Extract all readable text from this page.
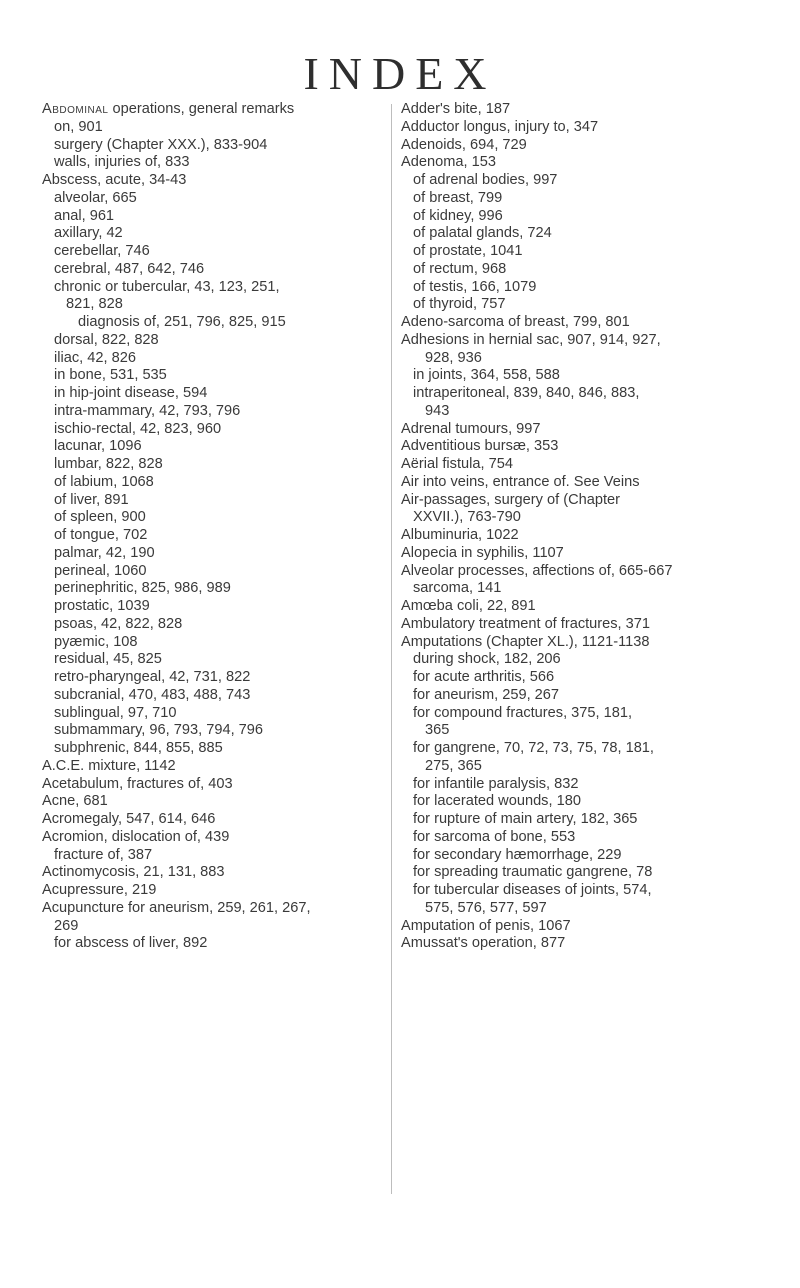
INDEX
Abdominal operations, general remarks
on, 901
surgery (Chapter XXX.), 833-904
walls, injuries of, 833
Abscess, acute, 34-43
alveolar, 665
anal, 961
axillary, 42
cerebellar, 746
cerebral, 487, 642, 746
chronic or tubercular, 43, 123, 251,
821, 828
diagnosis of, 251, 796, 825, 915
dorsal, 822, 828
iliac, 42, 826
in bone, 531, 535
in hip-joint disease, 594
intra-mammary, 42, 793, 796
ischio-rectal, 42, 823, 960
lacunar, 1096
lumbar, 822, 828
of labium, 1068
of liver, 891
of spleen, 900
of tongue, 702
palmar, 42, 190
perineal, 1060
perinephritic, 825, 986, 989
prostatic, 1039
psoas, 42, 822, 828
pyæmic, 108
residual, 45, 825
retro-pharyngeal, 42, 731, 822
subcranial, 470, 483, 488, 743
sublingual, 97, 710
submammary, 96, 793, 794, 796
subphrenic, 844, 855, 885
A.C.E. mixture, 1142
Acetabulum, fractures of, 403
Acne, 681
Acromegaly, 547, 614, 646
Acromion, dislocation of, 439
fracture of, 387
Actinomycosis, 21, 131, 883
Acupressure, 219
Acupuncture for aneurism, 259, 261, 267,
269
for abscess of liver, 892
Adder's bite, 187
Adductor longus, injury to, 347
Adenoids, 694, 729
Adenoma, 153
of adrenal bodies, 997
of breast, 799
of kidney, 996
of palatal glands, 724
of prostate, 1041
of rectum, 968
of testis, 166, 1079
of thyroid, 757
Adeno-sarcoma of breast, 799, 801
Adhesions in hernial sac, 907, 914, 927,
928, 936
in joints, 364, 558, 588
intraperitoneal, 839, 840, 846, 883,
943
Adrenal tumours, 997
Adventitious bursæ, 353
Aërial fistula, 754
Air into veins, entrance of. See Veins
Air-passages, surgery of (Chapter
XXVII.), 763-790
Albuminuria, 1022
Alopecia in syphilis, 1107
Alveolar processes, affections of, 665-667
sarcoma, 141
Amœba coli, 22, 891
Ambulatory treatment of fractures, 371
Amputations (Chapter XL.), 1121-1138
during shock, 182, 206
for acute arthritis, 566
for aneurism, 259, 267
for compound fractures, 375, 181,
365
for gangrene, 70, 72, 73, 75, 78, 181,
275, 365
for infantile paralysis, 832
for lacerated wounds, 180
for rupture of main artery, 182, 365
for sarcoma of bone, 553
for secondary hæmorrhage, 229
for spreading traumatic gangrene, 78
for tubercular diseases of joints, 574,
575, 576, 577, 597
Amputation of penis, 1067
Amussat's operation, 877
